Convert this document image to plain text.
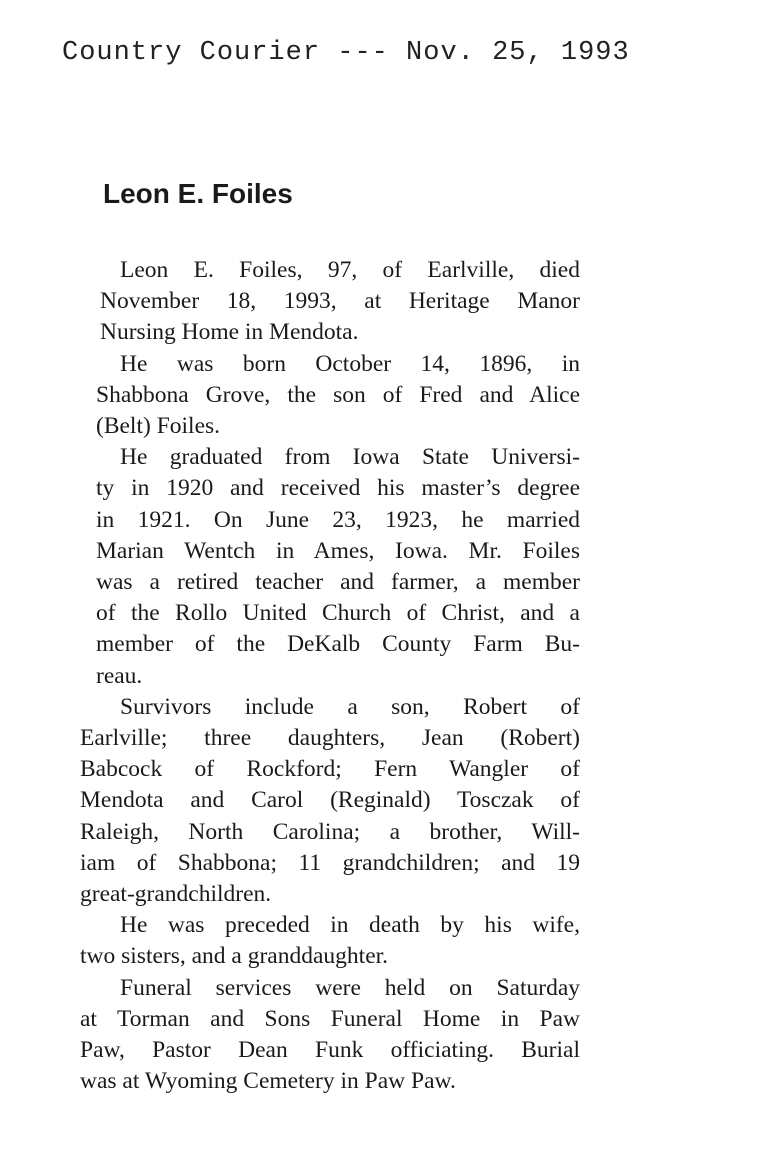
Country Courier --- Nov. 25, 1993
Leon E. Foiles
Leon E. Foiles, 97, of Earlville, died
November 18, 1993, at Heritage Manor
Nursing Home in Mendota.
He was born October 14, 1896, in
Shabbona Grove, the son of Fred and Alice
(Belt) Foiles.
He graduated from Iowa State Universi-
ty in 1920 and received his master’s degree
in 1921. On June 23, 1923, he married
Marian Wentch in Ames, Iowa. Mr. Foiles
was a retired teacher and farmer, a member
of the Rollo United Church of Christ, and a
member of the DeKalb County Farm Bu-
reau.
Survivors include a son, Robert of
Earlville; three daughters, Jean (Robert)
Babcock of Rockford; Fern Wangler of
Mendota and Carol (Reginald) Tosczak of
Raleigh, North Carolina; a brother, Will-
iam of Shabbona; 11 grandchildren; and 19
great-grandchildren.
He was preceded in death by his wife,
two sisters, and a granddaughter.
Funeral services were held on Saturday
at Torman and Sons Funeral Home in Paw
Paw, Pastor Dean Funk officiating. Burial
was at Wyoming Cemetery in Paw Paw.
